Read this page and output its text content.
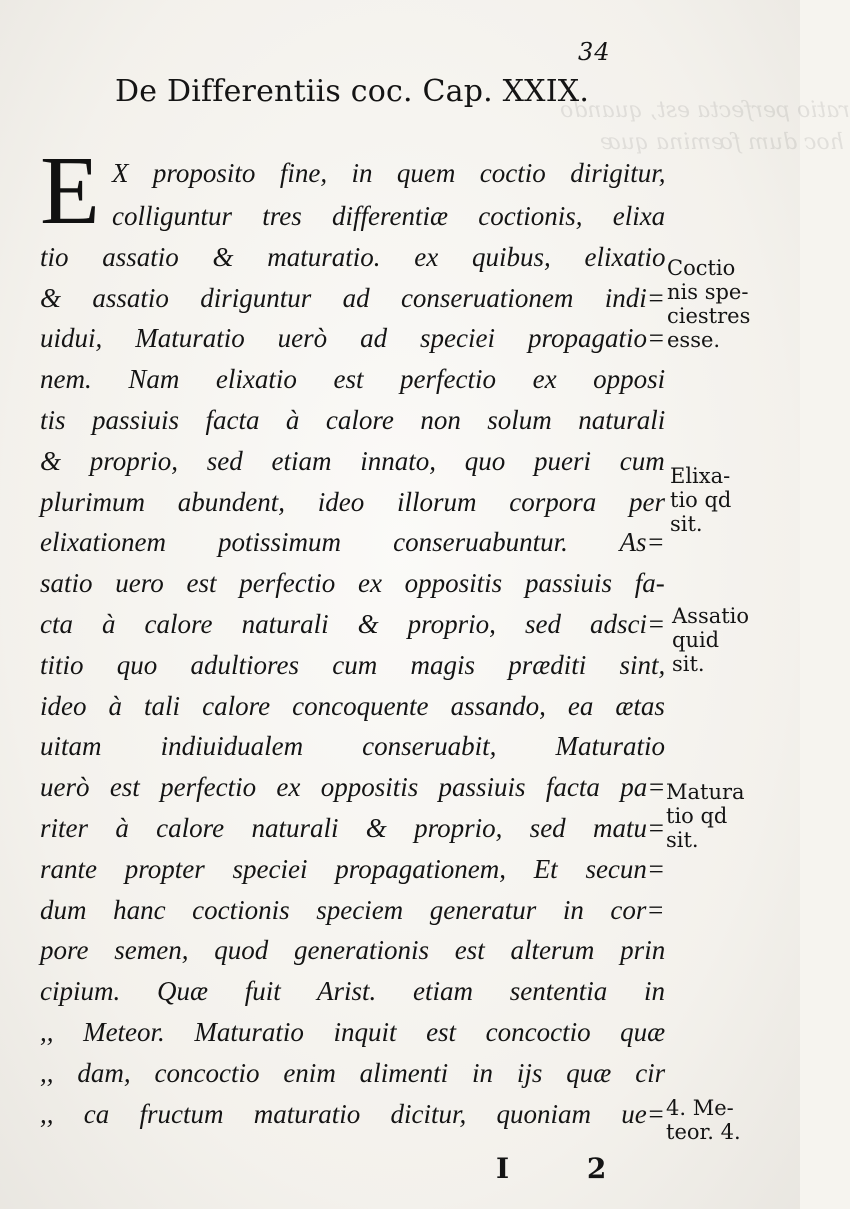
ratio perfecta est, quando
hoc dum fœmina quæ
34
De Differentiis coc. Cap. XXIX.
E X proposito fine, in quem coctio dirigitur,
colliguntur tres differentiæ coctionis, elixa
tio assatio & maturatio. ex quibus, elixatio
& assatio diriguntur ad conseruationem indi=
uidui, Maturatio uerò ad speciei propagatio=
nem. Nam elixatio est perfectio ex opposi
tis passiuis facta à calore non solum naturali
& proprio, sed etiam innato, quo pueri cum
plurimum abundent, ideo illorum corpora per
elixationem potissimum conseruabuntur. As=
satio uero est perfectio ex oppositis passiuis fa-
cta à calore naturali & proprio, sed adsci=
titio quo adultiores cum magis præditi sint,
ideo à tali calore concoquente assando, ea ætas
uitam indiuidualem conseruabit, Maturatio
uerò est perfectio ex oppositis passiuis facta pa=
riter à calore naturali & proprio, sed matu=
rante propter speciei propagationem, Et secun=
dum hanc coctionis speciem generatur in cor=
pore semen, quod generationis est alterum prin
cipium. Quæ fuit Arist. etiam sententia in
,, Meteor. Maturatio inquit est concoctio quæ
,, dam, concoctio enim alimenti in ijs quæ cir
,, ca fructum maturatio dicitur, quoniam ue=
Coctio
nis spe-
ciestres
esse.
Elixa-
tio qd
sit.
Assatio
quid
sit.
Matura
tio qd
sit.
4. Me-
teor. 4.
I 2
